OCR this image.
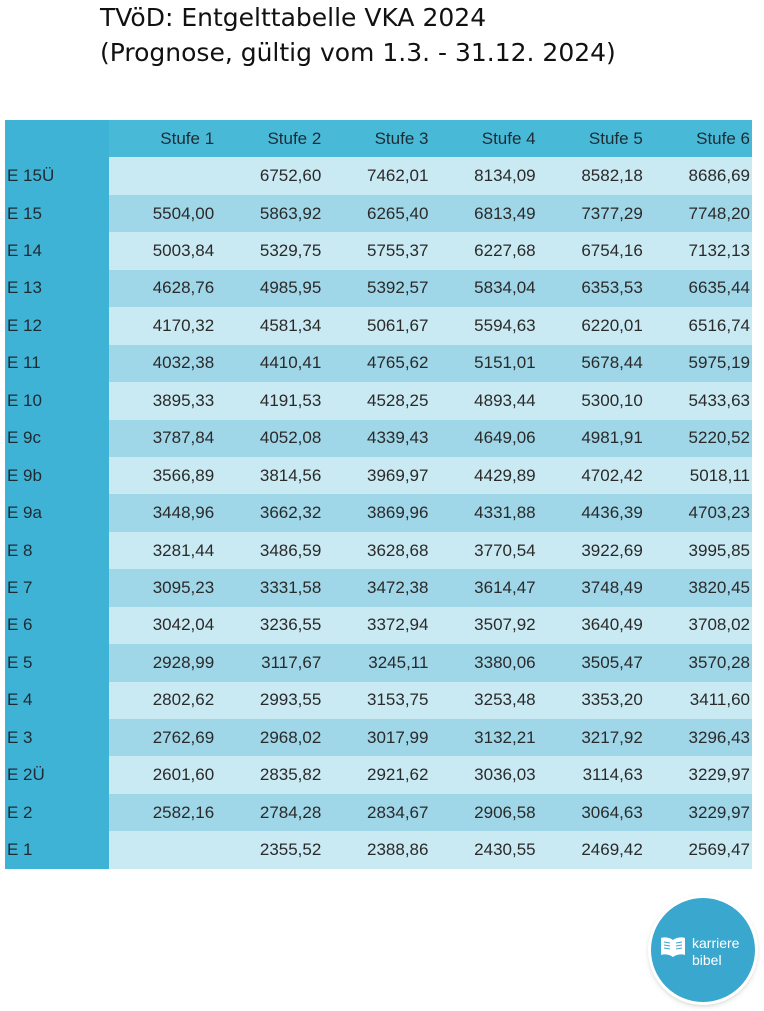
TVöD: Entgelttabelle VKA 2024
(Prognose, gültig vom 1.3. - 31.12. 2024)
	Stufe 1	Stufe 2	Stufe 3	Stufe 4	Stufe 5	Stufe 6
E 15Ü		6752,60	7462,01	8134,09	8582,18	8686,69
E 15	5504,00	5863,92	6265,40	6813,49	7377,29	7748,20
E 14	5003,84	5329,75	5755,37	6227,68	6754,16	7132,13
E 13	4628,76	4985,95	5392,57	5834,04	6353,53	6635,44
E 12	4170,32	4581,34	5061,67	5594,63	6220,01	6516,74
E 11	4032,38	4410,41	4765,62	5151,01	5678,44	5975,19
E 10	3895,33	4191,53	4528,25	4893,44	5300,10	5433,63
E 9c	3787,84	4052,08	4339,43	4649,06	4981,91	5220,52
E 9b	3566,89	3814,56	3969,97	4429,89	4702,42	5018,11
E 9a	3448,96	3662,32	3869,96	4331,88	4436,39	4703,23
E 8	3281,44	3486,59	3628,68	3770,54	3922,69	3995,85
E 7	3095,23	3331,58	3472,38	3614,47	3748,49	3820,45
E 6	3042,04	3236,55	3372,94	3507,92	3640,49	3708,02
E 5	2928,99	3117,67	3245,11	3380,06	3505,47	3570,28
E 4	2802,62	2993,55	3153,75	3253,48	3353,20	3411,60
E 3	2762,69	2968,02	3017,99	3132,21	3217,92	3296,43
E 2Ü	2601,60	2835,82	2921,62	3036,03	3114,63	3229,97
E 2	2582,16	2784,28	2834,67	2906,58	3064,63	3229,97
E 1		2355,52	2388,86	2430,55	2469,42	2569,47
karriere
bibel
